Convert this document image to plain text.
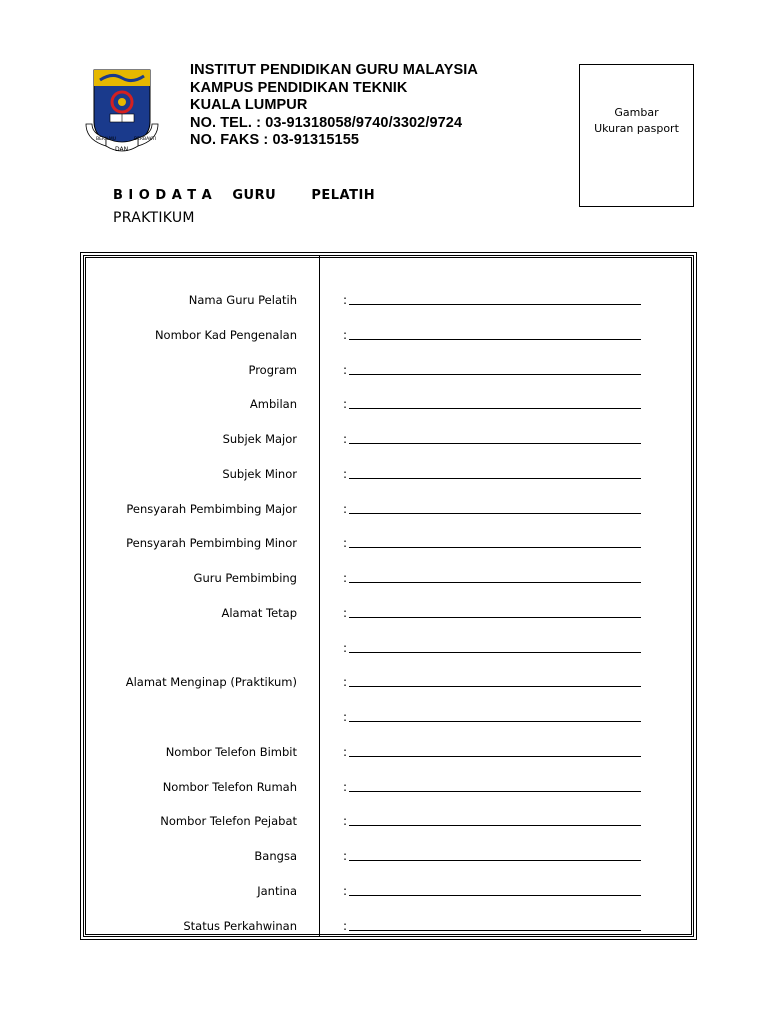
BERILMU
DAN
BERBAKTI
INSTITUT PENDIDIKAN GURU MALAYSIA
KAMPUS PENDIDIKAN TEKNIK
KUALA LUMPUR
NO. TEL. : 03-91318058/9740/3302/9724
NO. FAKS : 03-91315155
Gambar
Ukuran pasport
B I O D A T A GURU	PELATIH
PRAKTIKUM
Nama Guru Pelatih	:
Nombor Kad Pengenalan	:
Program	:
Ambilan	:
Subjek Major	:
Subjek Minor	:
Pensyarah Pembimbing Major	:
Pensyarah Pembimbing Minor	:
Guru Pembimbing	:
Alamat Tetap	:
:
Alamat Menginap (Praktikum)	:
:
Nombor Telefon Bimbit	:
Nombor Telefon Rumah	:
Nombor Telefon Pejabat	:
Bangsa	:
Jantina	:
Status Perkahwinan	:
